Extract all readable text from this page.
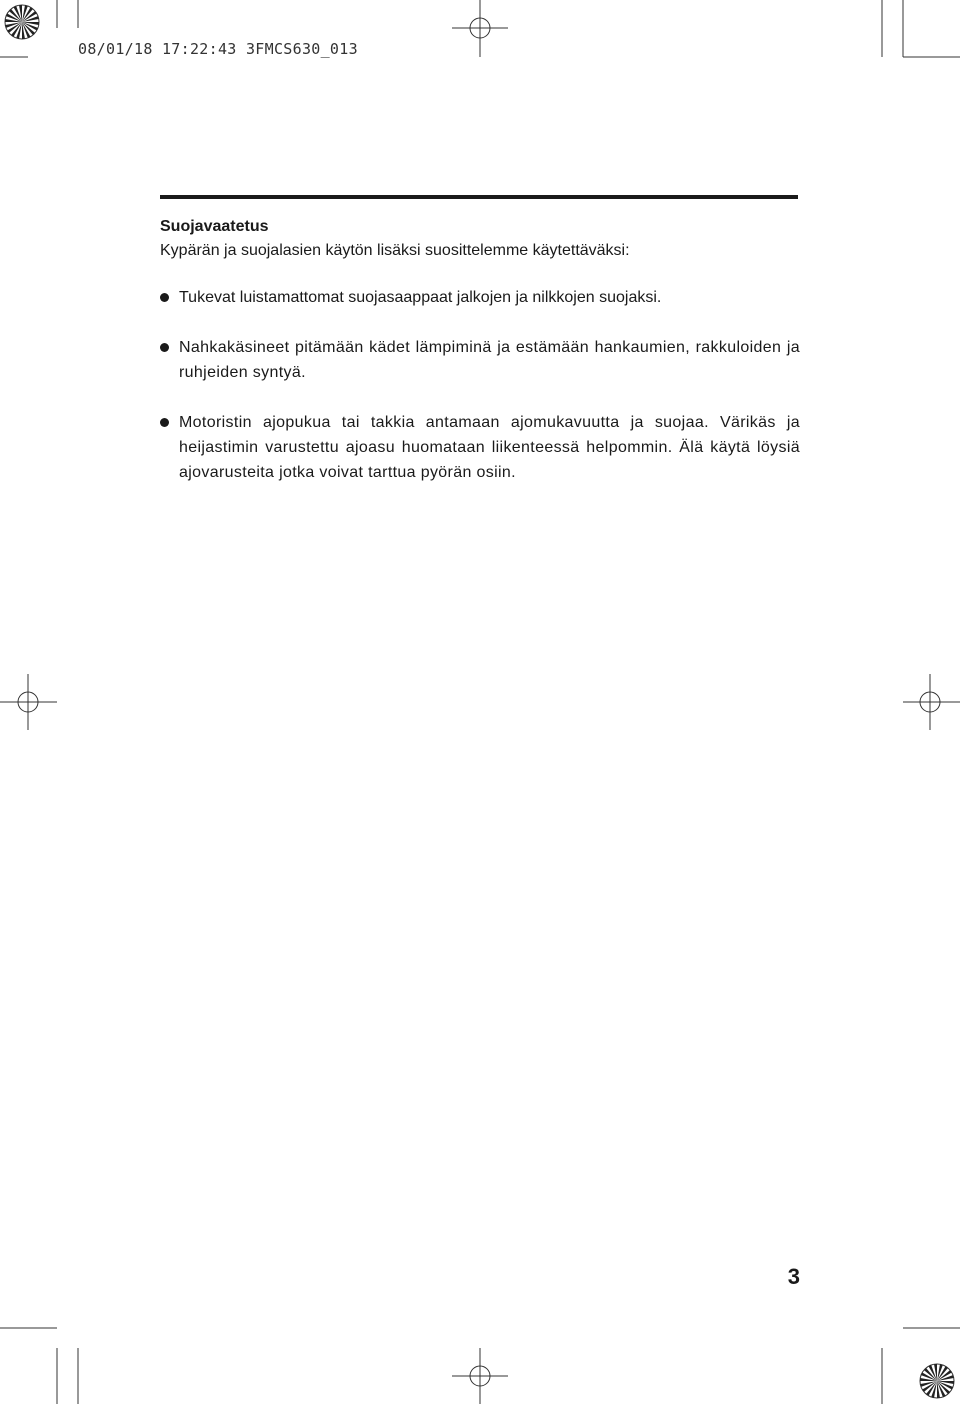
08/01/18 17:22:43 3FMCS630_013

Suojavaatetus

Kypärän ja suojalasien käytön lisäksi suosittelemme käytettäväksi:

Tukevat luistamattomat suojasaappaat jalkojen ja nilkkojen suojaksi.
Nahkakäsineet pitämään kädet lämpiminä ja estämään hankaumien, rakkuloiden ja ruhjeiden syntyä.
Motoristin ajopukua tai takkia antamaan ajomukavuutta ja suojaa. Värikäs ja heijastimin varustettu ajoasu huomataan liikenteessä helpommin. Älä käytä löysiä ajovarusteita jotka voivat tarttua pyörän osiin.
3
